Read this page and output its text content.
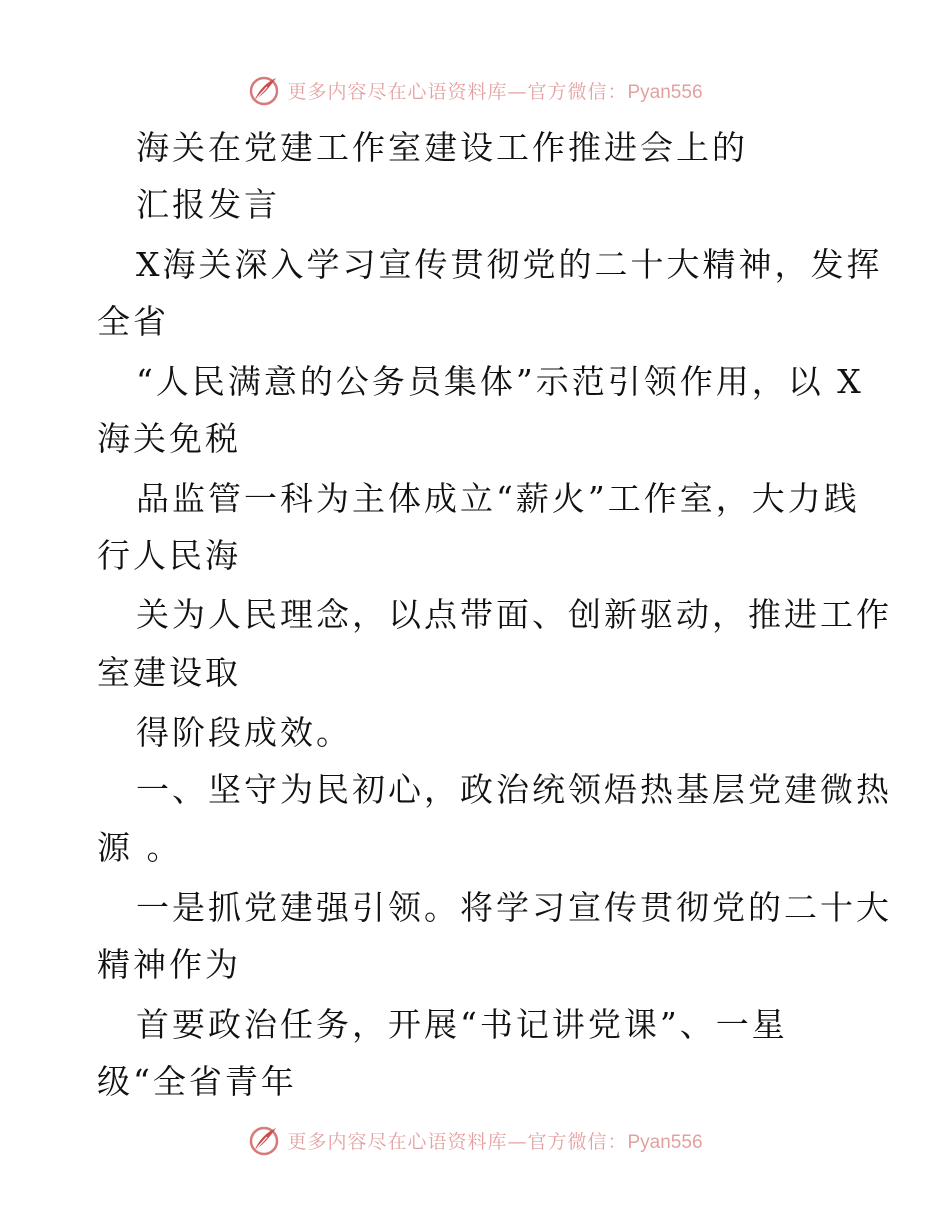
更多内容尽在心语资料库—官方微信：Pyan556
海关在党建工作室建设工作推进会上的
汇报发言
X海关深入学习宣传贯彻党的二十大精神，发挥
全省
“人民满意的公务员集体”示范引领作用，以 X
海关免税
品监管一科为主体成立“薪火”工作室，大力践
行人民海
关为人民理念，以点带面、创新驱动，推进工作
室建设取
得阶段成效。
一、坚守为民初心，政治统领焐热基层党建微热
源 。
一是抓党建强引领。将学习宣传贯彻党的二十大
精神作为
首要政治任务，开展“书记讲党课”、一星
级“全省青年
更多内容尽在心语资料库—官方微信：Pyan556
